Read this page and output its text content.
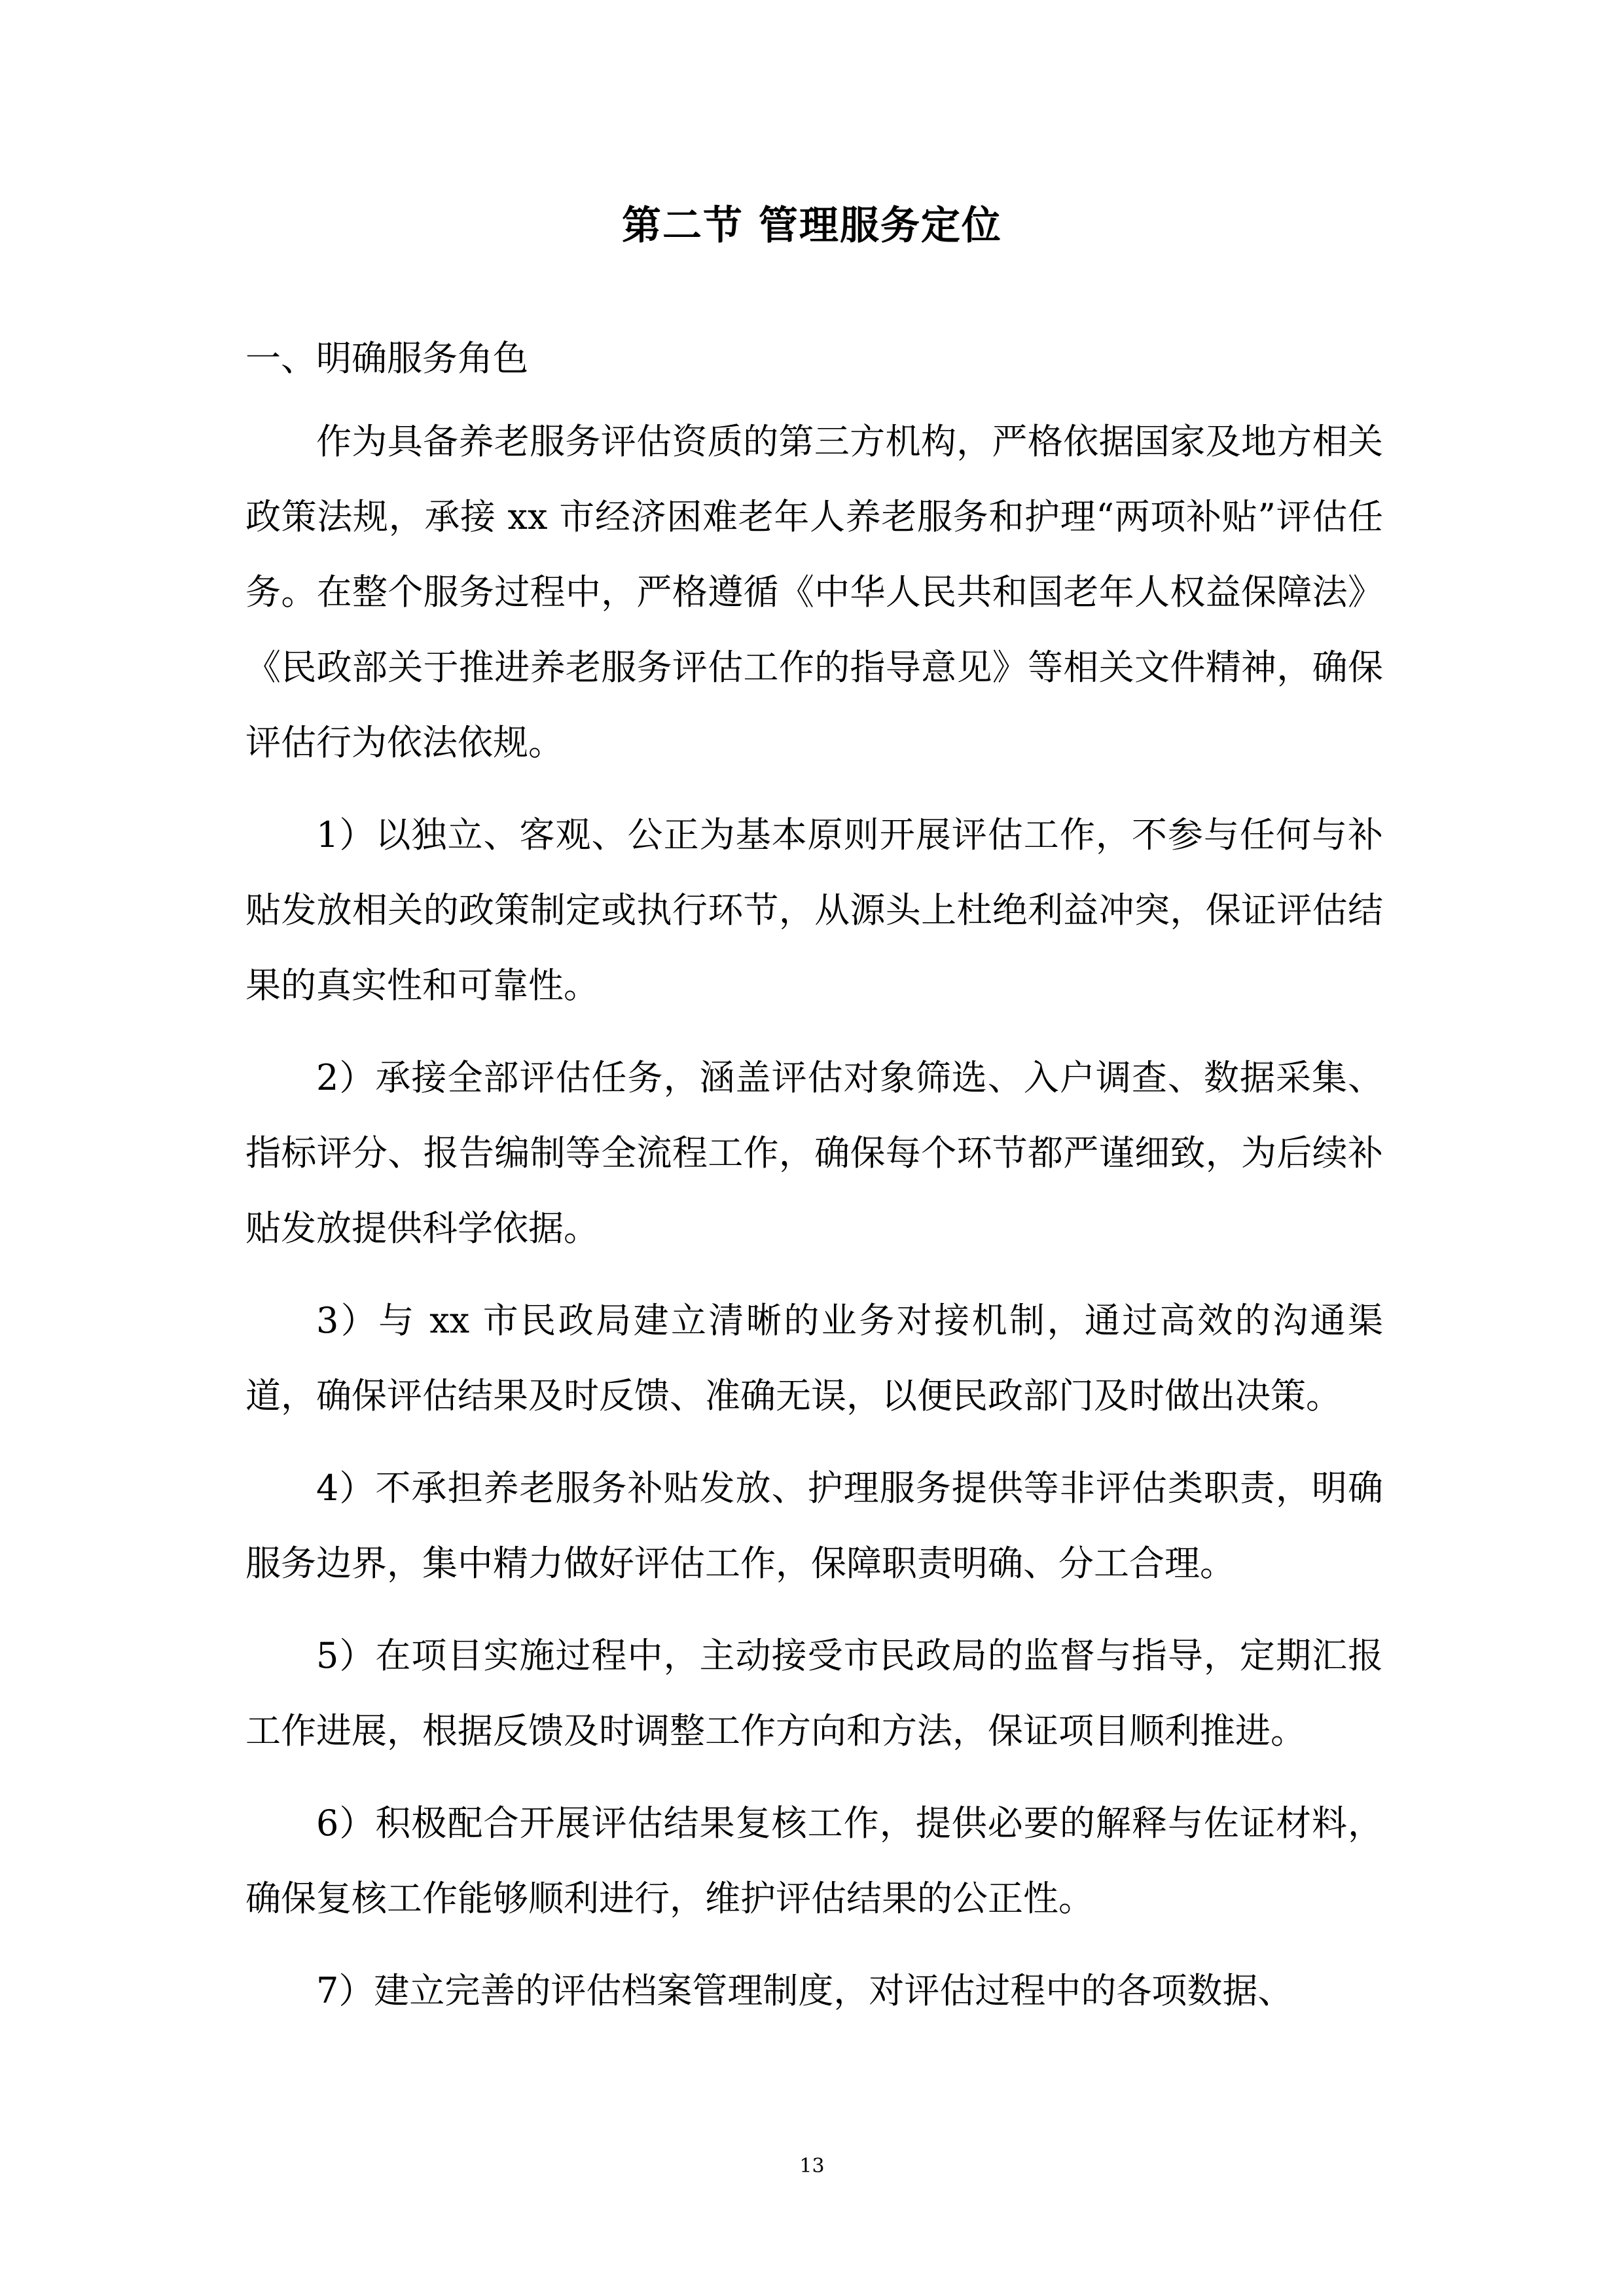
第二节 管理服务定位
一、明确服务角色

作为具备养老服务评估资质的第三方机构，严格依据国家及地方相关政策法规，承接 xx 市经济困难老年人养老服务和护理“两项补贴”评估任务。在整个服务过程中，严格遵循《中华人民共和国老年人权益保障法》《民政部关于推进养老服务评估工作的指导意见》等相关文件精神，确保评估行为依法依规。

1）以独立、客观、公正为基本原则开展评估工作，不参与任何与补贴发放相关的政策制定或执行环节，从源头上杜绝利益冲突，保证评估结果的真实性和可靠性。

2）承接全部评估任务，涵盖评估对象筛选、入户调查、数据采集、指标评分、报告编制等全流程工作，确保每个环节都严谨细致，为后续补贴发放提供科学依据。

3）与 xx 市民政局建立清晰的业务对接机制，通过高效的沟通渠道，确保评估结果及时反馈、准确无误，以便民政部门及时做出决策。

4）不承担养老服务补贴发放、护理服务提供等非评估类职责，明确服务边界，集中精力做好评估工作，保障职责明确、分工合理。

5）在项目实施过程中，主动接受市民政局的监督与指导，定期汇报工作进展，根据反馈及时调整工作方向和方法，保证项目顺利推进。

6）积极配合开展评估结果复核工作，提供必要的解释与佐证材料，确保复核工作能够顺利进行，维护评估结果的公正性。

7）建立完善的评估档案管理制度，对评估过程中的各项数据、

13
